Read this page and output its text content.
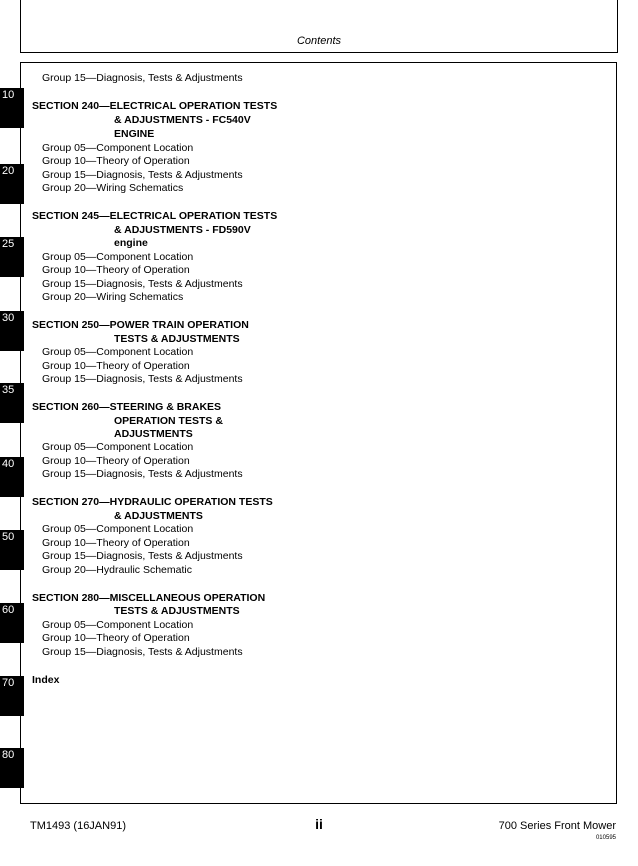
Contents
10
20
25
30
35
40
50
60
70
80
Group 15—Diagnosis, Tests & Adjustments
SECTION 240—ELECTRICAL OPERATION TESTS
& ADJUSTMENTS - FC540V
ENGINE
Group 05—Component Location
Group 10—Theory of Operation
Group 15—Diagnosis, Tests & Adjustments
Group 20—Wiring Schematics
SECTION 245—ELECTRICAL OPERATION TESTS
& ADJUSTMENTS - FD590V
engine
Group 05—Component Location
Group 10—Theory of Operation
Group 15—Diagnosis, Tests & Adjustments
Group 20—Wiring Schematics
SECTION 250—POWER TRAIN OPERATION
TESTS & ADJUSTMENTS
Group 05—Component Location
Group 10—Theory of Operation
Group 15—Diagnosis, Tests & Adjustments
SECTION 260—STEERING & BRAKES
OPERATION TESTS &
ADJUSTMENTS
Group 05—Component Location
Group 10—Theory of Operation
Group 15—Diagnosis, Tests & Adjustments
SECTION 270—HYDRAULIC OPERATION TESTS
& ADJUSTMENTS
Group 05—Component Location
Group 10—Theory of Operation
Group 15—Diagnosis, Tests & Adjustments
Group 20—Hydraulic Schematic
SECTION 280—MISCELLANEOUS OPERATION
TESTS & ADJUSTMENTS
Group 05—Component Location
Group 10—Theory of Operation
Group 15—Diagnosis, Tests & Adjustments
Index
TM1493 (16JAN91)	ii	700 Series Front Mower
010595
